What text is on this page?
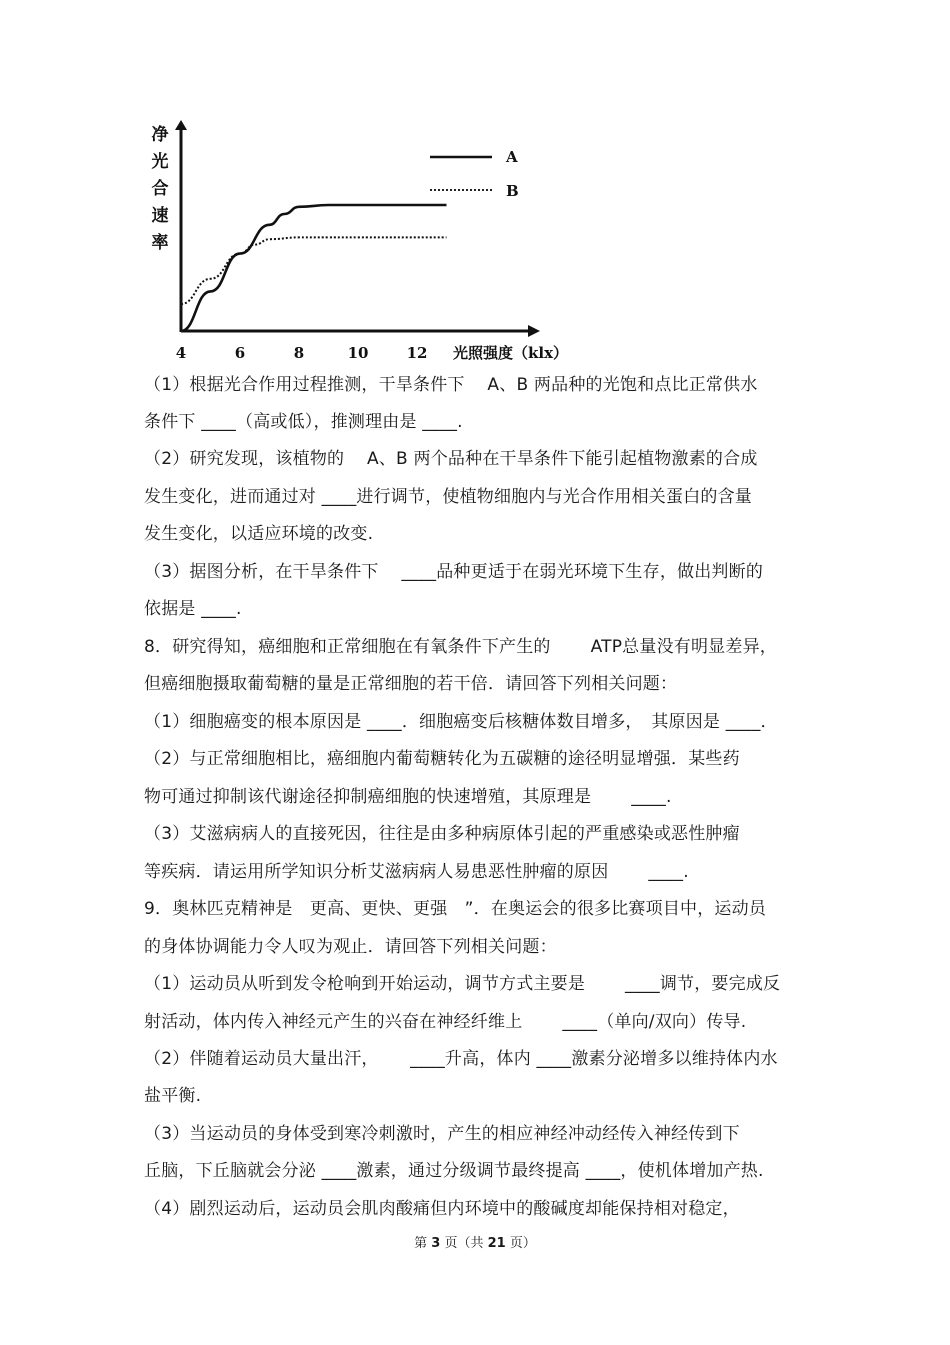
净光合速率
4	6	8	10	12 光照强度（klx）
A
B
（1）根据光合作用过程推测，干旱条件下　 A、B 两品种的光饱和点比正常供水
条件下 ____（高或低），推测理由是 ____.
（2）研究发现，该植物的　 A、B 两个品种在干旱条件下能引起植物激素的合成
发生变化，进而通过对 ____进行调节，使植物细胞内与光合作用相关蛋白的含量
发生变化，以适应环境的改变.
（3）据图分析，在干旱条件下　 ____品种更适于在弱光环境下生存，做出判断的
依据是 ____.
8．研究得知，癌细胞和正常细胞在有氧条件下产生的　　 ATP总量没有明显差异，
但癌细胞摄取葡萄糖的量是正常细胞的若干倍．请回答下列相关问题：
（1）细胞癌变的根本原因是 ____．细胞癌变后核糖体数目增多，　其原因是 ____．
（2）与正常细胞相比，癌细胞内葡萄糖转化为五碳糖的途径明显增强．某些药
物可通过抑制该代谢途径抑制癌细胞的快速增殖，其原理是　　 ____.
（3）艾滋病病人的直接死因，往往是由多种病原体引起的严重感染或恶性肿瘤
等疾病．请运用所学知识分析艾滋病病人易患恶性肿瘤的原因　　 ____.
9．奥林匹克精神是　更高、更快、更强　”．在奥运会的很多比赛项目中，运动员
的身体协调能力令人叹为观止．请回答下列相关问题：
（1）运动员从听到发令枪响到开始运动，调节方式主要是　　 ____调节，要完成反
射活动，体内传入神经元产生的兴奋在神经纤维上　　 ____（单向/双向）传导.
（2）伴随着运动员大量出汗，　　 ____升高，体内 ____激素分泌增多以维持体内水
盐平衡.
（3）当运动员的身体受到寒冷刺激时，产生的相应神经冲动经传入神经传到下
丘脑，下丘脑就会分泌 ____激素，通过分级调节最终提高 ____，使机体增加产热.
（4）剧烈运动后，运动员会肌肉酸痛但内环境中的酸碱度却能保持相对稳定，
第 3 页（共 21 页）
